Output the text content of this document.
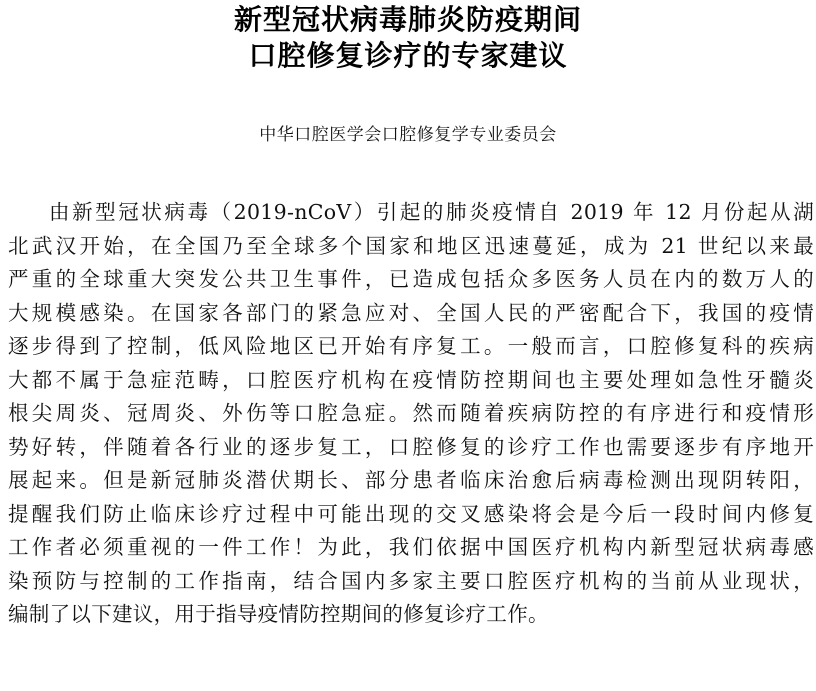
新型冠状病毒肺炎防疫期间
口腔修复诊疗的专家建议
中华口腔医学会口腔修复学专业委员会
由新型冠状病毒（2019-nCoV）引起的肺炎疫情自 2019 年 12 月份起从湖
北武汉开始，在全国乃至全球多个国家和地区迅速蔓延，成为 21 世纪以来最
严重的全球重大突发公共卫生事件，已造成包括众多医务人员在内的数万人的
大规模感染。在国家各部门的紧急应对、全国人民的严密配合下，我国的疫情
逐步得到了控制，低风险地区已开始有序复工。一般而言，口腔修复科的疾病
大都不属于急症范畴，口腔医疗机构在疫情防控期间也主要处理如急性牙髓炎
根尖周炎、冠周炎、外伤等口腔急症。然而随着疾病防控的有序进行和疫情形
势好转，伴随着各行业的逐步复工，口腔修复的诊疗工作也需要逐步有序地开
展起来。但是新冠肺炎潜伏期长、部分患者临床治愈后病毒检测出现阴转阳，
提醒我们防止临床诊疗过程中可能出现的交叉感染将会是今后一段时间内修复
工作者必须重视的一件工作！为此，我们依据中国医疗机构内新型冠状病毒感
染预防与控制的工作指南，结合国内多家主要口腔医疗机构的当前从业现状，
编制了以下建议，用于指导疫情防控期间的修复诊疗工作。
